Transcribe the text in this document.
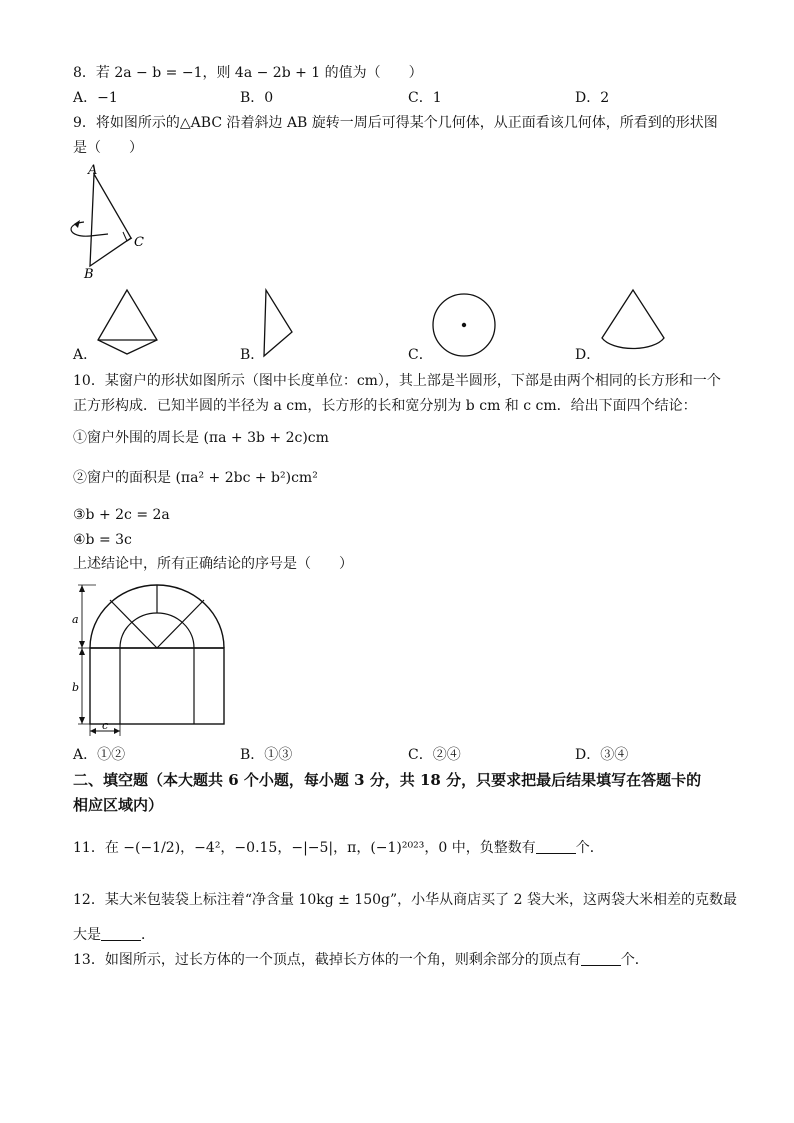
8．若 2a − b = −1，则 4a − 2b + 1 的值为（　　）
A．−1	B．0	C．1	D．2
9．将如图所示的△ABC 沿着斜边 AB 旋转一周后可得某个几何体，从正面看该几何体，所看到的形状图
是（　　）
A
B
C
A．	B．	C．	D．
10．某窗户的形状如图所示（图中长度单位：cm），其上部是半圆形，下部是由两个相同的长方形和一个
正方形构成．已知半圆的半径为 a cm，长方形的长和宽分别为 b cm 和 c cm．给出下面四个结论：
①窗户外围的周长是 (πa + 3b + 2c)cm
②窗户的面积是 (πa² + 2bc + b²)cm²
③b + 2c = 2a
④b = 3c
上述结论中，所有正确结论的序号是（　　）
a
b
c
A．①②	B．①③	C．②④	D．③④
二、填空题（本大题共 6 个小题，每小题 3 分，共 18 分，只要求把最后结果填写在答题卡的
相应区域内）
11．在 −(−1/2)，−4²，−0.15，−|−5|，π，(−1)²⁰²³，0 中，负整数有	个．
12．某大米包装袋上标注着“净含量 10kg ± 150g”，小华从商店买了 2 袋大米，这两袋大米相差的克数最
大是	．
13．如图所示，过长方体的一个顶点，截掉长方体的一个角，则剩余部分的顶点有	个．
